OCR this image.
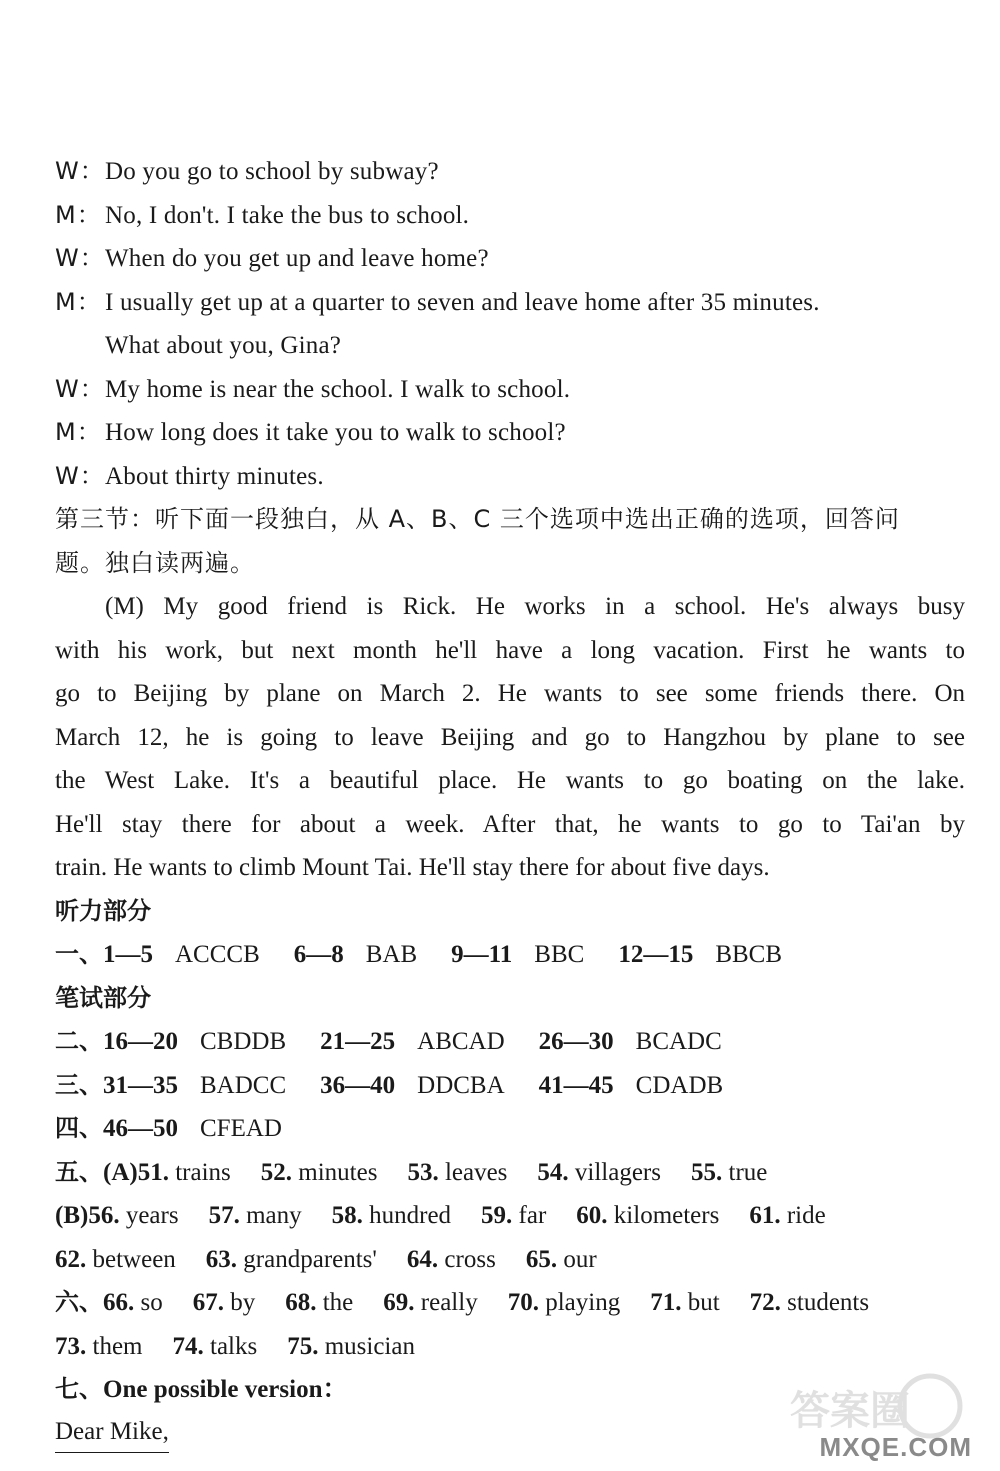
W：Do you go to school by subway?
M： No, I don't. I take the bus to school.
W：When do you get up and leave home?
M： I usually get up at a quarter to seven and leave home after 35 minutes.
What about you, Gina?
W：My home is near the school. I walk to school.
M： How long does it take you to walk to school?
W：About thirty minutes.
第三节：听下面一段独白，从 A、B、C 三个选项中选出正确的选项，回答问
题。独白读两遍。
(M) My good friend is Rick. He works in a school. He's always busy
with his work, but next month he'll have a long vacation. First he wants to
go to Beijing by plane on March 2. He wants to see some friends there. On
March 12, he is going to leave Beijing and go to Hangzhou by plane to see
the West Lake. It's a beautiful place. He wants to go boating on the lake.
He'll stay there for about a week. After that, he wants to go to Tai'an by
train. He wants to climb Mount Tai. He'll stay there for about five days.
听力部分
一、1—5 ACCCB 6—8 BAB 9—11 BBC 12—15 BBCB
笔试部分
二、16—20 CBDDB 21—25 ABCAD 26—30 BCADC
三、31—35 BADCC 36—40 DDCBA 41—45 CDADB
四、46—50 CFEAD
五、(A)51. trains 52. minutes 53. leaves 54. villagers 55. true
(B)56. years 57. many 58. hundred 59. far 60. kilometers 61. ride
62. between 63. grandparents' 64. cross 65. our
六、66. so 67. by 68. the 69. really 70. playing 71. but 72. students
73. them 74. talks 75. musician
七、One possible version：
Dear Mike,	答案圈
MXQE.COM
